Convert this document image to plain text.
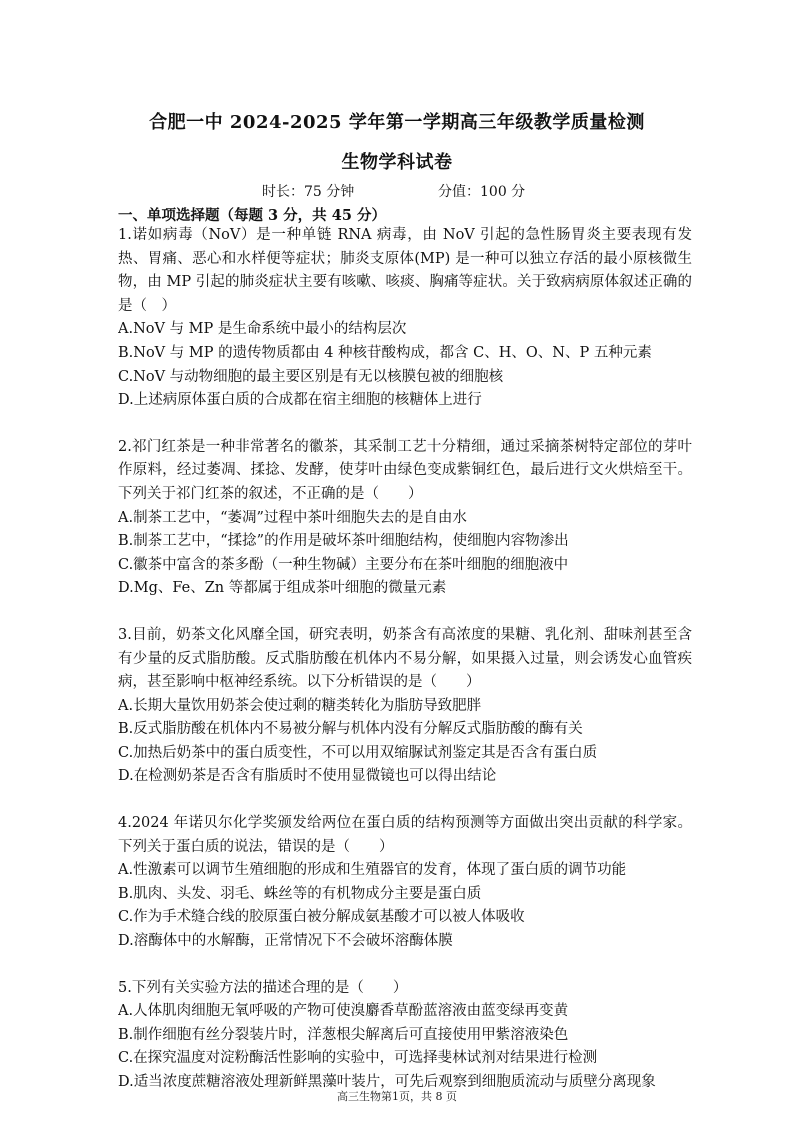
合肥一中 2024-2025 学年第一学期高三年级教学质量检测
生物学科试卷
时长：75 分钟	分值：100 分
一、单项选择题（每题 3 分，共 45 分）

1.诺如病毒（NoV）是一种单链 RNA 病毒，由 NoV 引起的急性肠胃炎主要表现有发热、胃痛、恶心和水样便等症状；肺炎支原体(MP) 是一种可以独立存活的最小原核微生物，由 MP 引起的肺炎症状主要有咳嗽、咳痰、胸痛等症状。关于致病病原体叙述正确的是（　）

A.NoV 与 MP 是生命系统中最小的结构层次

B.NoV 与 MP 的遗传物质都由 4 种核苷酸构成，都含 C、H、O、N、P 五种元素

C.NoV 与动物细胞的最主要区别是有无以核膜包被的细胞核

D.上述病原体蛋白质的合成都在宿主细胞的核糖体上进行

2.祁门红茶是一种非常著名的徽茶，其采制工艺十分精细，通过采摘茶树特定部位的芽叶作原料，经过萎凋、揉捻、发酵，使芽叶由绿色变成紫铜红色，最后进行文火烘焙至干。下列关于祁门红茶的叙述，不正确的是（　　）

A.制茶工艺中，“萎凋”过程中茶叶细胞失去的是自由水

B.制茶工艺中，“揉捻”的作用是破坏茶叶细胞结构，使细胞内容物渗出

C.徽茶中富含的茶多酚（一种生物碱）主要分布在茶叶细胞的细胞液中

D.Mg、Fe、Zn 等都属于组成茶叶细胞的微量元素

3.目前，奶茶文化风靡全国，研究表明，奶茶含有高浓度的果糖、乳化剂、甜味剂甚至含有少量的反式脂肪酸。反式脂肪酸在机体内不易分解，如果摄入过量，则会诱发心血管疾病，甚至影响中枢神经系统。以下分析错误的是（　　）

A.长期大量饮用奶茶会使过剩的糖类转化为脂肪导致肥胖

B.反式脂肪酸在机体内不易被分解与机体内没有分解反式脂肪酸的酶有关

C.加热后奶茶中的蛋白质变性，不可以用双缩脲试剂鉴定其是否含有蛋白质

D.在检测奶茶是否含有脂质时不使用显微镜也可以得出结论

4.2024 年诺贝尔化学奖颁发给两位在蛋白质的结构预测等方面做出突出贡献的科学家。下列关于蛋白质的说法，错误的是（　　）

A.性激素可以调节生殖细胞的形成和生殖器官的发育，体现了蛋白质的调节功能

B.肌肉、头发、羽毛、蛛丝等的有机物成分主要是蛋白质

C.作为手术缝合线的胶原蛋白被分解成氨基酸才可以被人体吸收

D.溶酶体中的水解酶，正常情况下不会破坏溶酶体膜

5.下列有关实验方法的描述合理的是（　　）

A.人体肌肉细胞无氧呼吸的产物可使溴麝香草酚蓝溶液由蓝变绿再变黄

B.制作细胞有丝分裂装片时，洋葱根尖解离后可直接使用甲紫溶液染色

C.在探究温度对淀粉酶活性影响的实验中，可选择斐林试剂对结果进行检测

D.适当浓度蔗糖溶液处理新鲜黑藻叶装片，可先后观察到细胞质流动与质壁分离现象

高三生物第1页，共 8 页
